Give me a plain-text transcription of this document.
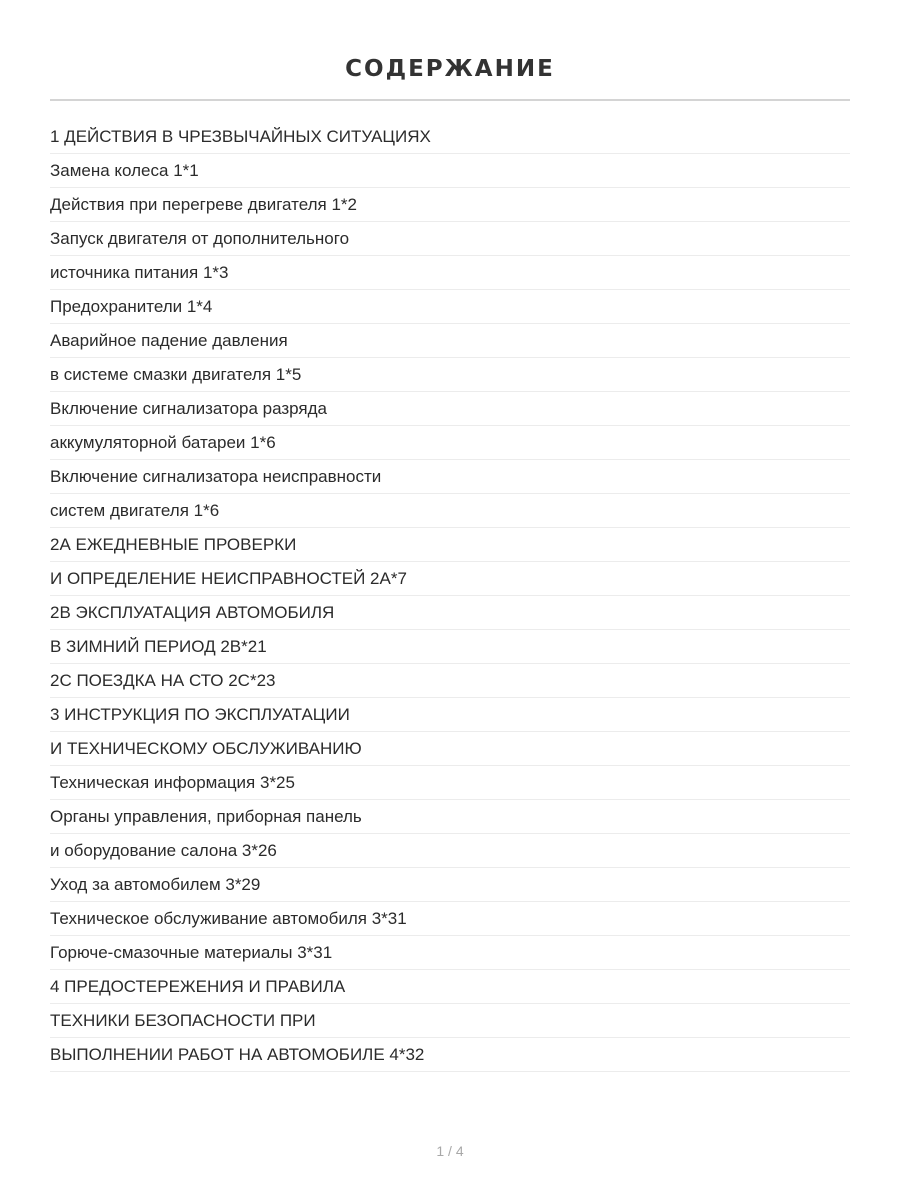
СОДЕРЖАНИЕ
1 ДЕЙСТВИЯ В ЧРЕЗВЫЧАЙНЫХ СИТУАЦИЯХ
Замена колеса 1*1
Действия при перегреве двигателя 1*2
Запуск двигателя от дополнительного
источника питания 1*3
Предохранители 1*4
Аварийное падение давления
в системе смазки двигателя 1*5
Включение сигнализатора разряда
аккумуляторной батареи 1*6
Включение сигнализатора неисправности
систем двигателя 1*6
2А ЕЖЕДНЕВНЫЕ ПРОВЕРКИ
И ОПРЕДЕЛЕНИЕ НЕИСПРАВНОСТЕЙ 2А*7
2В ЭКСПЛУАТАЦИЯ АВТОМОБИЛЯ
В ЗИМНИЙ ПЕРИОД 2В*21
2С ПОЕЗДКА НА СТО 2С*23
3 ИНСТРУКЦИЯ ПО ЭКСПЛУАТАЦИИ
И ТЕХНИЧЕСКОМУ ОБСЛУЖИВАНИЮ
Техническая информация 3*25
Органы управления, приборная панель
и оборудование салона 3*26
Уход за автомобилем 3*29
Техническое обслуживание автомобиля 3*31
Горюче-смазочные материалы 3*31
4 ПРЕДОСТЕРЕЖЕНИЯ И ПРАВИЛА
ТЕХНИКИ БЕЗОПАСНОСТИ ПРИ
ВЫПОЛНЕНИИ РАБОТ НА АВТОМОБИЛЕ 4*32
1 / 4
